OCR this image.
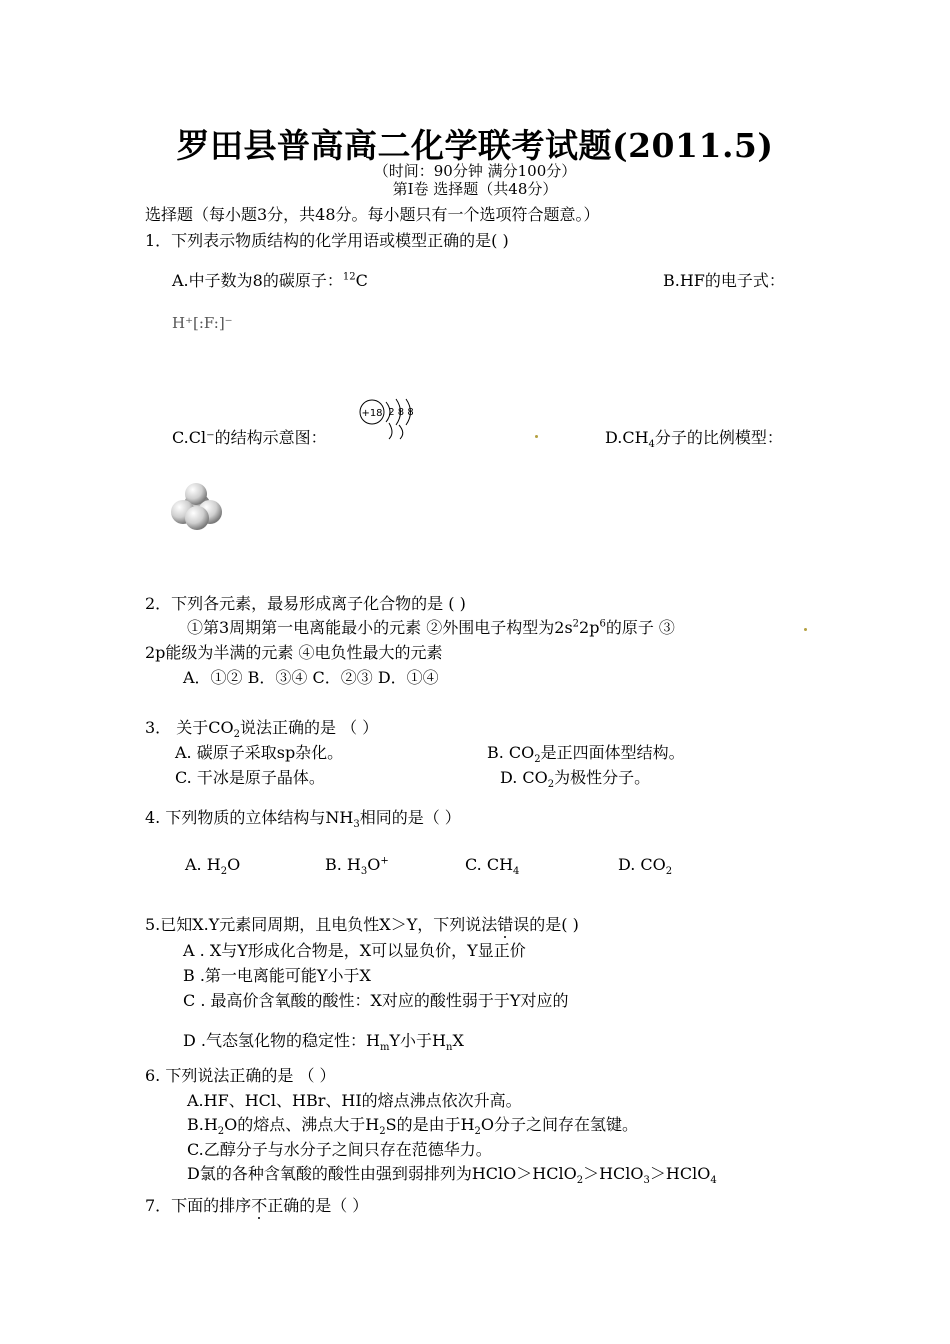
罗田县普高高二化学联考试题(2011.5)
（时间：90分钟 满分100分）
第Ⅰ卷 选择题（共48分）
选择题（每小题3分，共48分。每小题只有一个选项符合题意。）
1．下列表示物质结构的化学用语或模型正确的是( )
A.中子数为8的碳原子：$^{12}$C	B.HF的电子式：
H⁺[:F:]⁻
+18 2 8 8
C.Cl⁻的结构示意图：	$D.CH_4$分子的比例模型：
2．下列各元素，最易形成离子化合物的是 ( )
①第3周期第一电离能最小的元素 ②外围电子构型为$2s^22p^6$的原子 ③
2p能级为半满的元素 ④电负性最大的元素
A．①② B．③④ C．②③ D．①④
3． 关于$CO_2$说法正确的是 （ ）
A. 碳原子采取sp杂化。	B. $CO_2$是正四面体型结构。
C. 干冰是原子晶体。	D. $CO_2$为极性分子。
4. 下列物质的立体结构与$NH_3$相同的是（ ）
A. $H_2O$	B. $H_3O^+$	C. $CH_4$	D. $CO_2$
5.已知X.Y元素同周期，且电负性X＞Y，下列说法错误的是( )
A . X与Y形成化合物是，X可以显负价，Y显正价
B .第一电离能可能Y小于X
C . 最高价含氧酸的酸性：X对应的酸性弱于于Y对应的
D .气态氢化物的稳定性：$H_mY$小于$H_nX$
6. 下列说法正确的是 （ ）
A.HF、HCl、HBr、HI的熔点沸点依次升高。
$B.H_2O$的熔点、沸点大于$H_2S$的是由于$H_2O$分子之间存在氢键。
C.乙醇分子与水分子之间只存在范德华力。
D氯的各种含氧酸的酸性由强到弱排列为HClO＞HClO$_2$＞HClO$_3$＞HClO$_4$
7．下面的排序不正确的是（ ）
